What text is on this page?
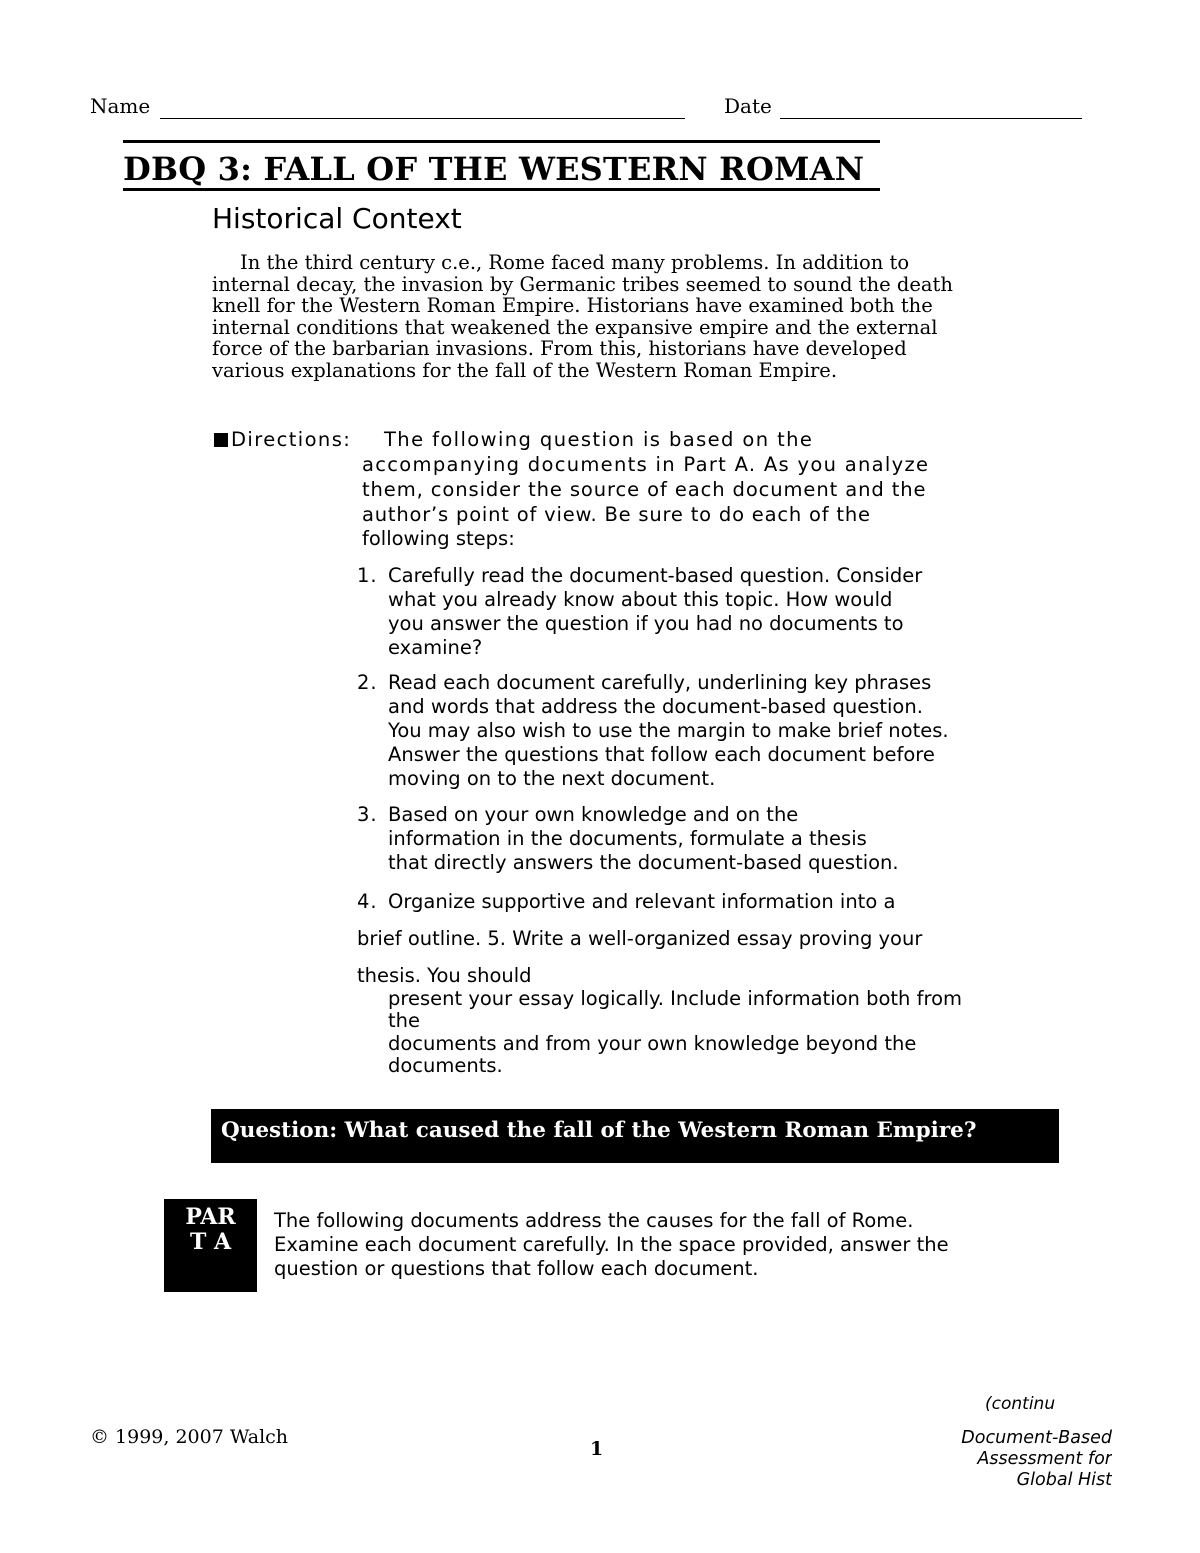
Name	Date
DBQ 3: FALL OF THE WESTERN ROMAN
Historical Context
In the third century c.e., Rome faced many problems. In addition to
internal decay, the invasion by Germanic tribes seemed to sound the death
knell for the Western Roman Empire. Historians have examined both the
internal conditions that weakened the expansive empire and the external
force of the barbarian invasions. From this, historians have developed
various explanations for the fall of the Western Roman Empire.
Directions: The following question is based on the
accompanying documents in Part A. As you analyze
them, consider the source of each document and the
author’s point of view. Be sure to do each of the
following steps:
1. Carefully read the document-based question. Consider
what you already know about this topic. How would
you answer the question if you had no documents to
examine?
2. Read each document carefully, underlining key phrases
and words that address the document-based question.
You may also wish to use the margin to make brief notes.
Answer the questions that follow each document before
moving on to the next document.
3. Based on your own knowledge and on the
information in the documents, formulate a thesis
that directly answers the document-based question.
4. Organize supportive and relevant information into a
brief outline. 5. Write a well-organized essay proving your
thesis. You should
present your essay logically. Include information both from
the
documents and from your own knowledge beyond the
documents.
Question: What caused the fall of the Western Roman Empire?
PART A
The following documents address the causes for the fall of Rome.
Examine each document carefully. In the space provided, answer the
question or questions that follow each document.
(continu
© 1999, 2007 Walch
1	Document-Based
Assessment for
Global Hist
